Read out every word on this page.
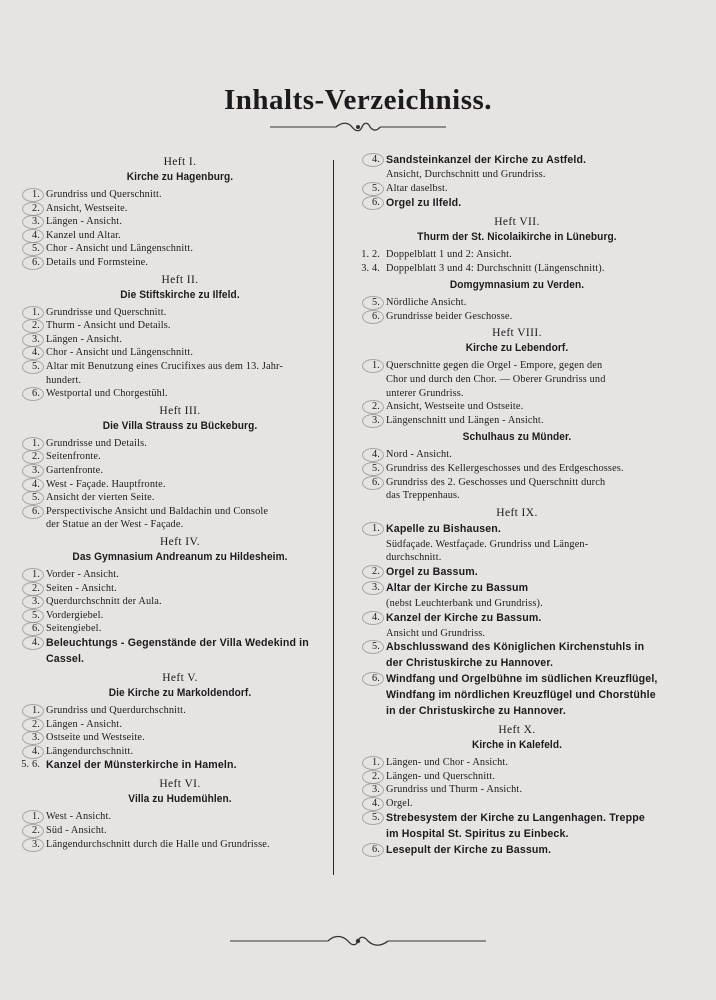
Inhalts-Verzeichniss.
Heft I.
Kirche zu Hagenburg.
1. Grundriss und Querschnitt.
2. Ansicht, Westseite.
3. Längen - Ansicht.
4. Kanzel und Altar.
5. Chor - Ansicht und Längenschnitt.
6. Details und Formsteine.
Heft II.
Die Stiftskirche zu Ilfeld.
1. Grundrisse und Querschnitt.
2. Thurm - Ansicht und Details.
3. Längen - Ansicht.
4. Chor - Ansicht und Längenschnitt.
5. Altar mit Benutzung eines Crucifixes aus dem 13. Jahr-
hundert.
6. Westportal und Chorgestühl.
Heft III.
Die Villa Strauss zu Bückeburg.
1. Grundrisse und Details.
2. Seitenfronte.
3. Gartenfronte.
4. West - Façade. Hauptfronte.
5. Ansicht der vierten Seite.
6. Perspectivische Ansicht und Baldachin und Console
der Statue an der West - Façade.
Heft IV.
Das Gymnasium Andreanum zu Hildesheim.
1. Vorder - Ansicht.
2. Seiten - Ansicht.
3. Querdurchschnitt der Aula.
5. Vordergiebel.
6. Seitengiebel.
4. Beleuchtungs - Gegenstände der Villa Wedekind in
Cassel.
Heft V.
Die Kirche zu Markoldendorf.
1. Grundriss und Querdurchschnitt.
2. Längen - Ansicht.
3. Ostseite und Westseite.
4. Längendurchschnitt.
5. 6. Kanzel der Münsterkirche in Hameln.
Heft VI.
Villa zu Hudemühlen.
1. West - Ansicht.
2. Süd - Ansicht.
3. Längendurchschnitt durch die Halle und Grundrisse.
4. Sandsteinkanzel der Kirche zu Astfeld.
Ansicht, Durchschnitt und Grundriss.
5. Altar daselbst.
6. Orgel zu Ilfeld.
Heft VII.
Thurm der St. Nicolaikirche in Lüneburg.
1. 2. Doppelblatt 1 und 2: Ansicht.
3. 4. Doppelblatt 3 und 4: Durchschnitt (Längenschnitt).
Domgymnasium zu Verden.
5. Nördliche Ansicht.
6. Grundrisse beider Geschosse.
Heft VIII.
Kirche zu Lebendorf.
1. Querschnitte gegen die Orgel - Empore, gegen den
Chor und durch den Chor. — Oberer Grundriss und
unterer Grundriss.
2. Ansicht, Westseite und Ostseite.
3. Längenschnitt und Längen - Ansicht.
Schulhaus zu Münder.
4. Nord - Ansicht.
5. Grundriss des Kellergeschosses und des Erdgeschosses.
6. Grundriss des 2. Geschosses und Querschnitt durch
das Treppenhaus.
Heft IX.
1. Kapelle zu Bishausen.
Südfaçade. Westfaçade. Grundriss und Längen-
durchschnitt.
2. Orgel zu Bassum.
3. Altar der Kirche zu Bassum
(nebst Leuchterbank und Grundriss).
4. Kanzel der Kirche zu Bassum.
Ansicht und Grundriss.
5. Abschlusswand des Königlichen Kirchenstuhls in
der Christuskirche zu Hannover.
6. Windfang und Orgelbühne im südlichen Kreuzflügel,
Windfang im nördlichen Kreuzflügel und Chorstühle
in der Christuskirche zu Hannover.
Heft X.
Kirche in Kalefeld.
1. Längen- und Chor - Ansicht.
2. Längen- und Querschnitt.
3. Grundriss und Thurm - Ansicht.
4. Orgel.
5. Strebesystem der Kirche zu Langenhagen. Treppe
im Hospital St. Spiritus zu Einbeck.
6. Lesepult der Kirche zu Bassum.
